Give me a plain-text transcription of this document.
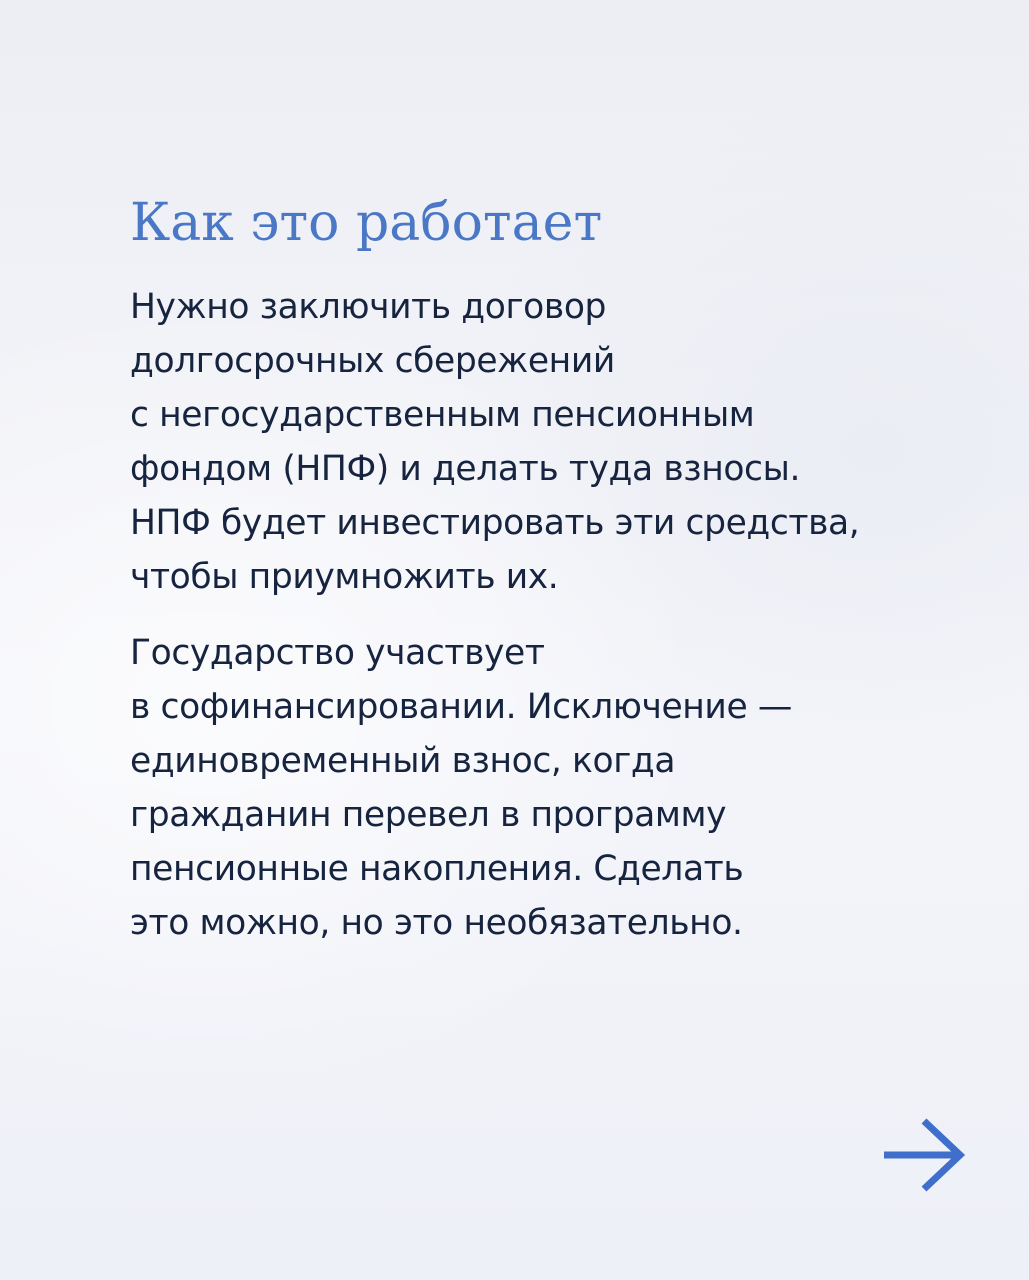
Как это работает

Нужно заключить договор
долгосрочных сбережений
с негосударственным пенсионным
фондом (НПФ) и делать туда взносы.
НПФ будет инвестировать эти средства,
чтобы приумножить их.

Государство участвует
в софинансировании. Исключение —
единовременный взнос, когда
гражданин перевел в программу
пенсионные накопления. Сделать
это можно, но это необязательно.
